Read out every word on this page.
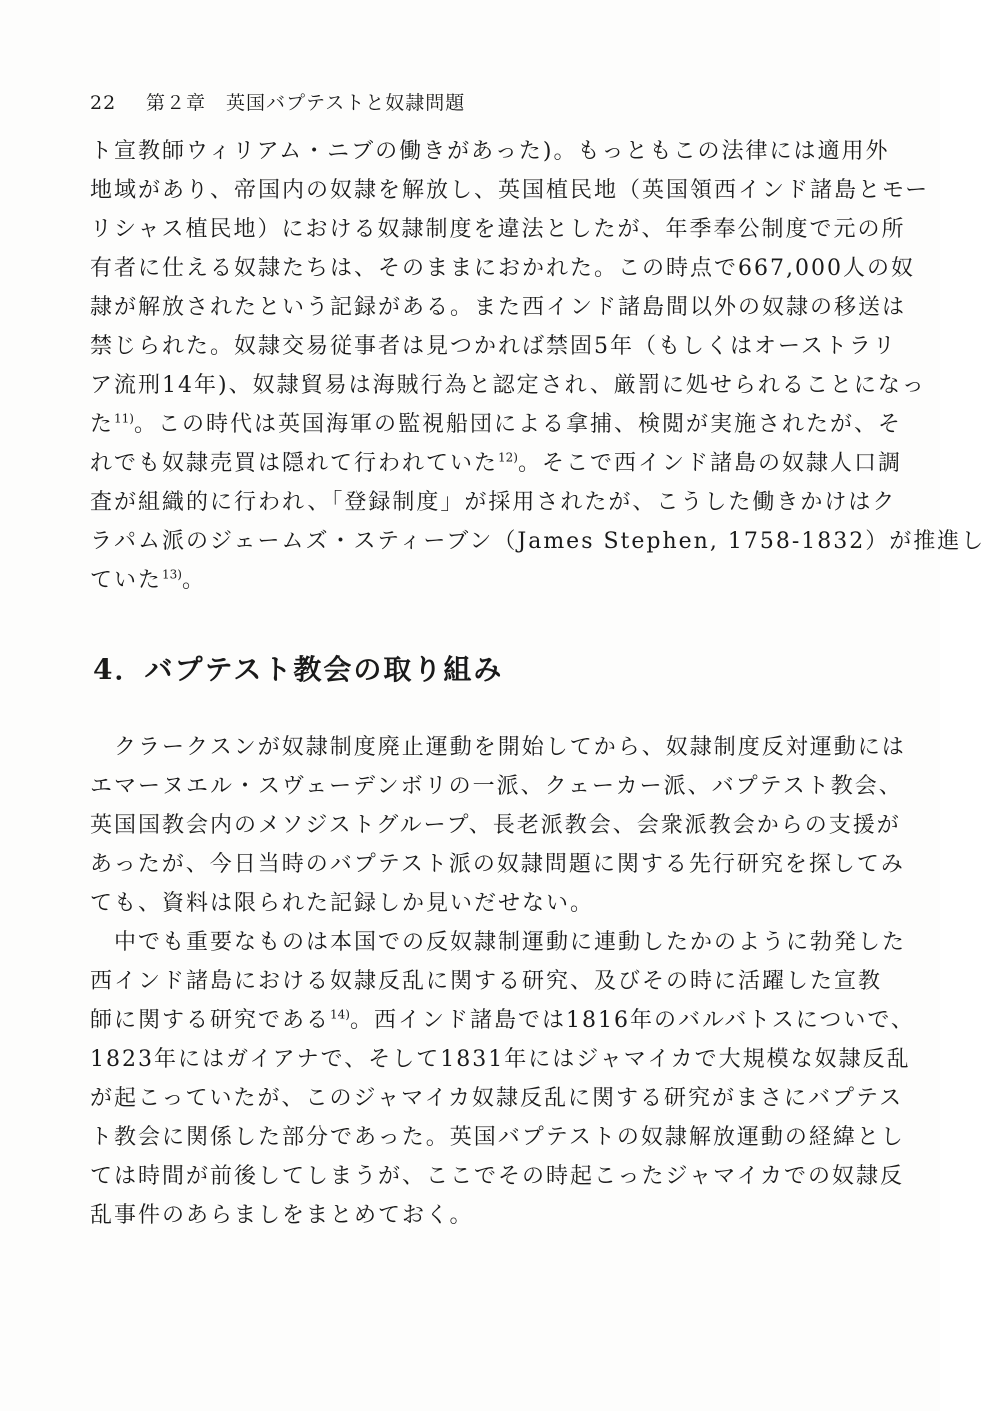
22 第２章　英国バプテストと奴隷問題
ト宣教師ウィリアム・ニブの働きがあった)。もっともこの法律には適用外
地域があり、帝国内の奴隷を解放し、英国植民地（英国領西インド諸島とモー
リシャス植民地）における奴隷制度を違法としたが、年季奉公制度で元の所
有者に仕える奴隷たちは、そのままにおかれた。この時点で667,000人の奴
隷が解放されたという記録がある。また西インド諸島間以外の奴隷の移送は
禁じられた。奴隷交易従事者は見つかれば禁固5年（もしくはオーストラリ
ア流刑14年)、奴隷貿易は海賊行為と認定され、厳罰に処せられることになっ
た$^{11)}$。この時代は英国海軍の監視船団による拿捕、検閲が実施されたが、そ
れでも奴隷売買は隠れて行われていた$^{12)}$。そこで西インド諸島の奴隷人口調
査が組織的に行われ、「登録制度」が採用されたが、こうした働きかけはク
ラパム派のジェームズ・スティーブン（James Stephen, 1758-1832）が推進し
ていた$^{13)}$。
4．バプテスト教会の取り組み
クラークスンが奴隷制度廃止運動を開始してから、奴隷制度反対運動には
エマーヌエル・スヴェーデンボリの一派、クェーカー派、バプテスト教会、
英国国教会内のメソジストグループ、長老派教会、会衆派教会からの支援が
あったが、今日当時のバプテスト派の奴隷問題に関する先行研究を探してみ
ても、資料は限られた記録しか見いだせない。
中でも重要なものは本国での反奴隷制運動に連動したかのように勃発した
西インド諸島における奴隷反乱に関する研究、及びその時に活躍した宣教
師に関する研究である$^{14)}$。西インド諸島では1816年のバルバトスについで、
1823年にはガイアナで、そして1831年にはジャマイカで大規模な奴隷反乱
が起こっていたが、このジャマイカ奴隷反乱に関する研究がまさにバプテス
ト教会に関係した部分であった。英国バプテストの奴隷解放運動の経緯とし
ては時間が前後してしまうが、ここでその時起こったジャマイカでの奴隷反
乱事件のあらましをまとめておく。
